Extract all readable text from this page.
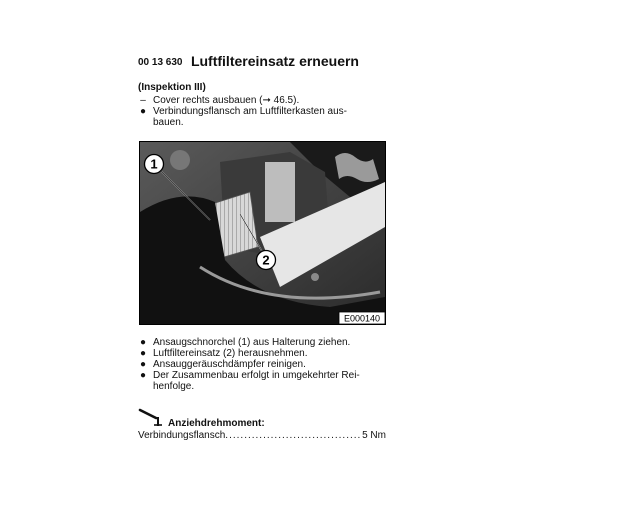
00 13 630 Luftfiltereinsatz erneuern
(Inspektion III)
– Cover rechts ausbauen (➞ 46.5).
● Verbindungsflansch am Luftfilterkasten aus-
bauen.
1
2
E000140
● Ansaugschnorchel (1) aus Halterung ziehen.
● Luftfiltereinsatz (2) herausnehmen.
● Ansauggeräuschdämpfer reinigen.
● Der Zusammenbau erfolgt in umgekehrter Rei-
henfolge.
Anziehdrehmoment:
Verbindungsflansch
.....	5 Nm
